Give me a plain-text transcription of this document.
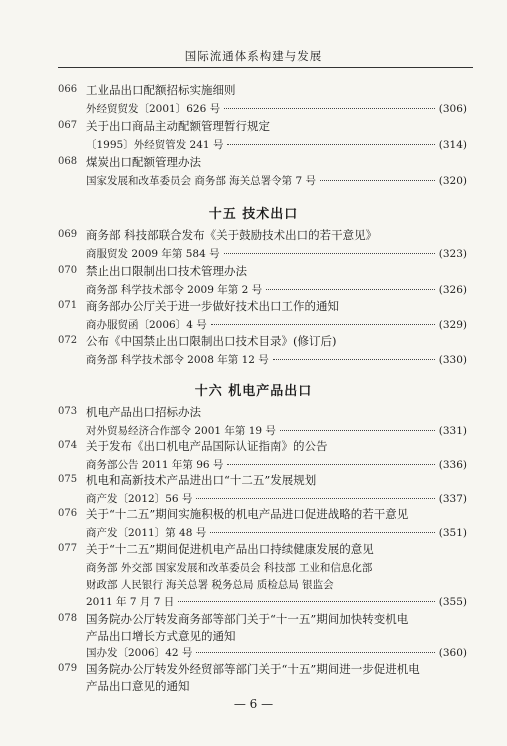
国际流通体系构建与发展
066 工业品出口配额招标实施细则
外经贸贸发〔2001〕626 号	(306)
067 关于出口商品主动配额管理暂行规定
〔1995〕外经贸管发 241 号	(314)
068 煤炭出口配额管理办法
国家发展和改革委员会 商务部 海关总署令第 7 号	(320)
十五 技术出口
069 商务部 科技部联合发布《关于鼓励技术出口的若干意见》
商服贸发 2009 年第 584 号	(323)
070 禁止出口限制出口技术管理办法
商务部 科学技术部令 2009 年第 2 号	(326)
071 商务部办公厅关于进一步做好技术出口工作的通知
商办服贸函〔2006〕4 号	(329)
072 公布《中国禁止出口限制出口技术目录》(修订后)
商务部 科学技术部令 2008 年第 12 号	(330)
十六 机电产品出口
073 机电产品出口招标办法
对外贸易经济合作部令 2001 年第 19 号	(331)
074 关于发布《出口机电产品国际认证指南》的公告
商务部公告 2011 年第 96 号	(336)
075 机电和高新技术产品进出口“十二五”发展规划
商产发〔2012〕56 号	(337)
076 关于“十二五”期间实施积极的机电产品进口促进战略的若干意见
商产发〔2011〕第 48 号	(351)
077 关于“十二五”期间促进机电产品出口持续健康发展的意见
商务部 外交部 国家发展和改革委员会 科技部 工业和信息化部
财政部 人民银行 海关总署 税务总局 质检总局 银监会
2011 年 7 月 7 日	(355)
078 国务院办公厅转发商务部等部门关于“十一五”期间加快转变机电
产品出口增长方式意见的通知
国办发〔2006〕42 号	(360)
079 国务院办公厅转发外经贸部等部门关于“十五”期间进一步促进机电
产品出口意见的通知
— 6 —
